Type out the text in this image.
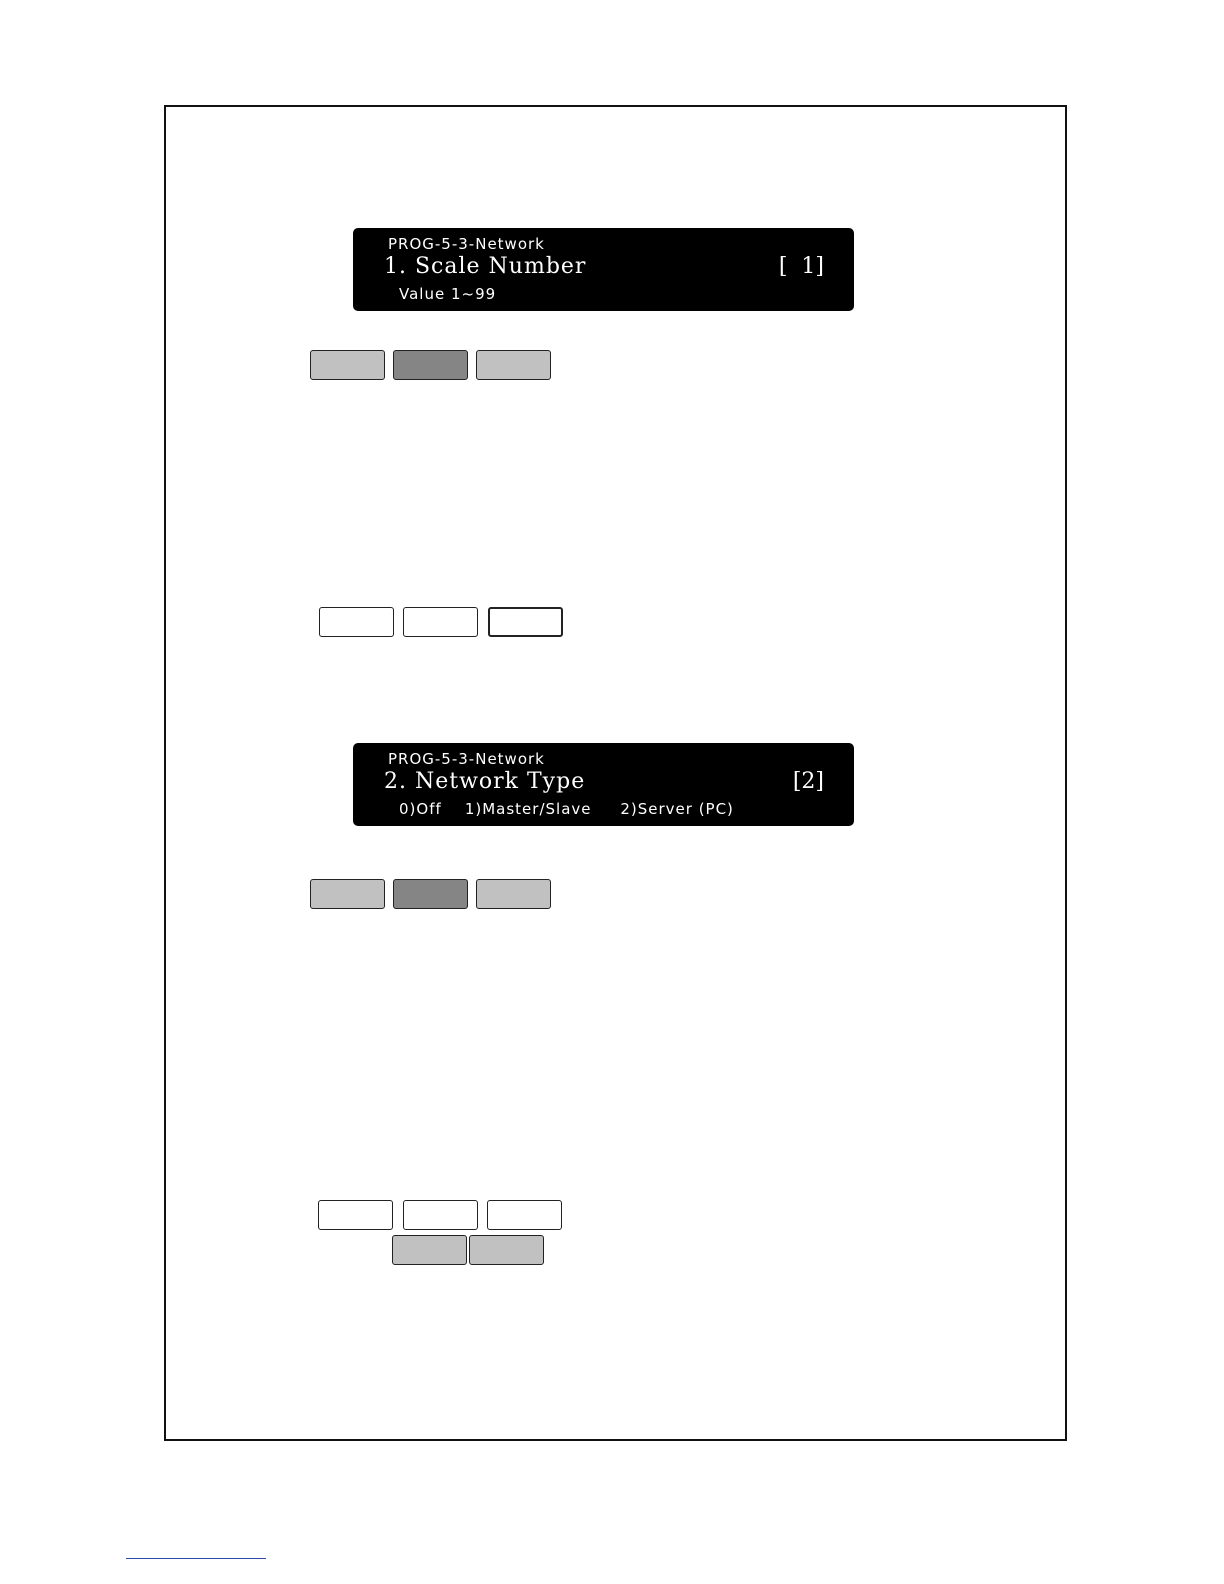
PROG-5-3-Network
1. Scale Number	[  1]
Value 1~99
PROG-5-3-Network
2. Network Type	[2]
0)Off    1)Master/Slave     2)Server (PC)
